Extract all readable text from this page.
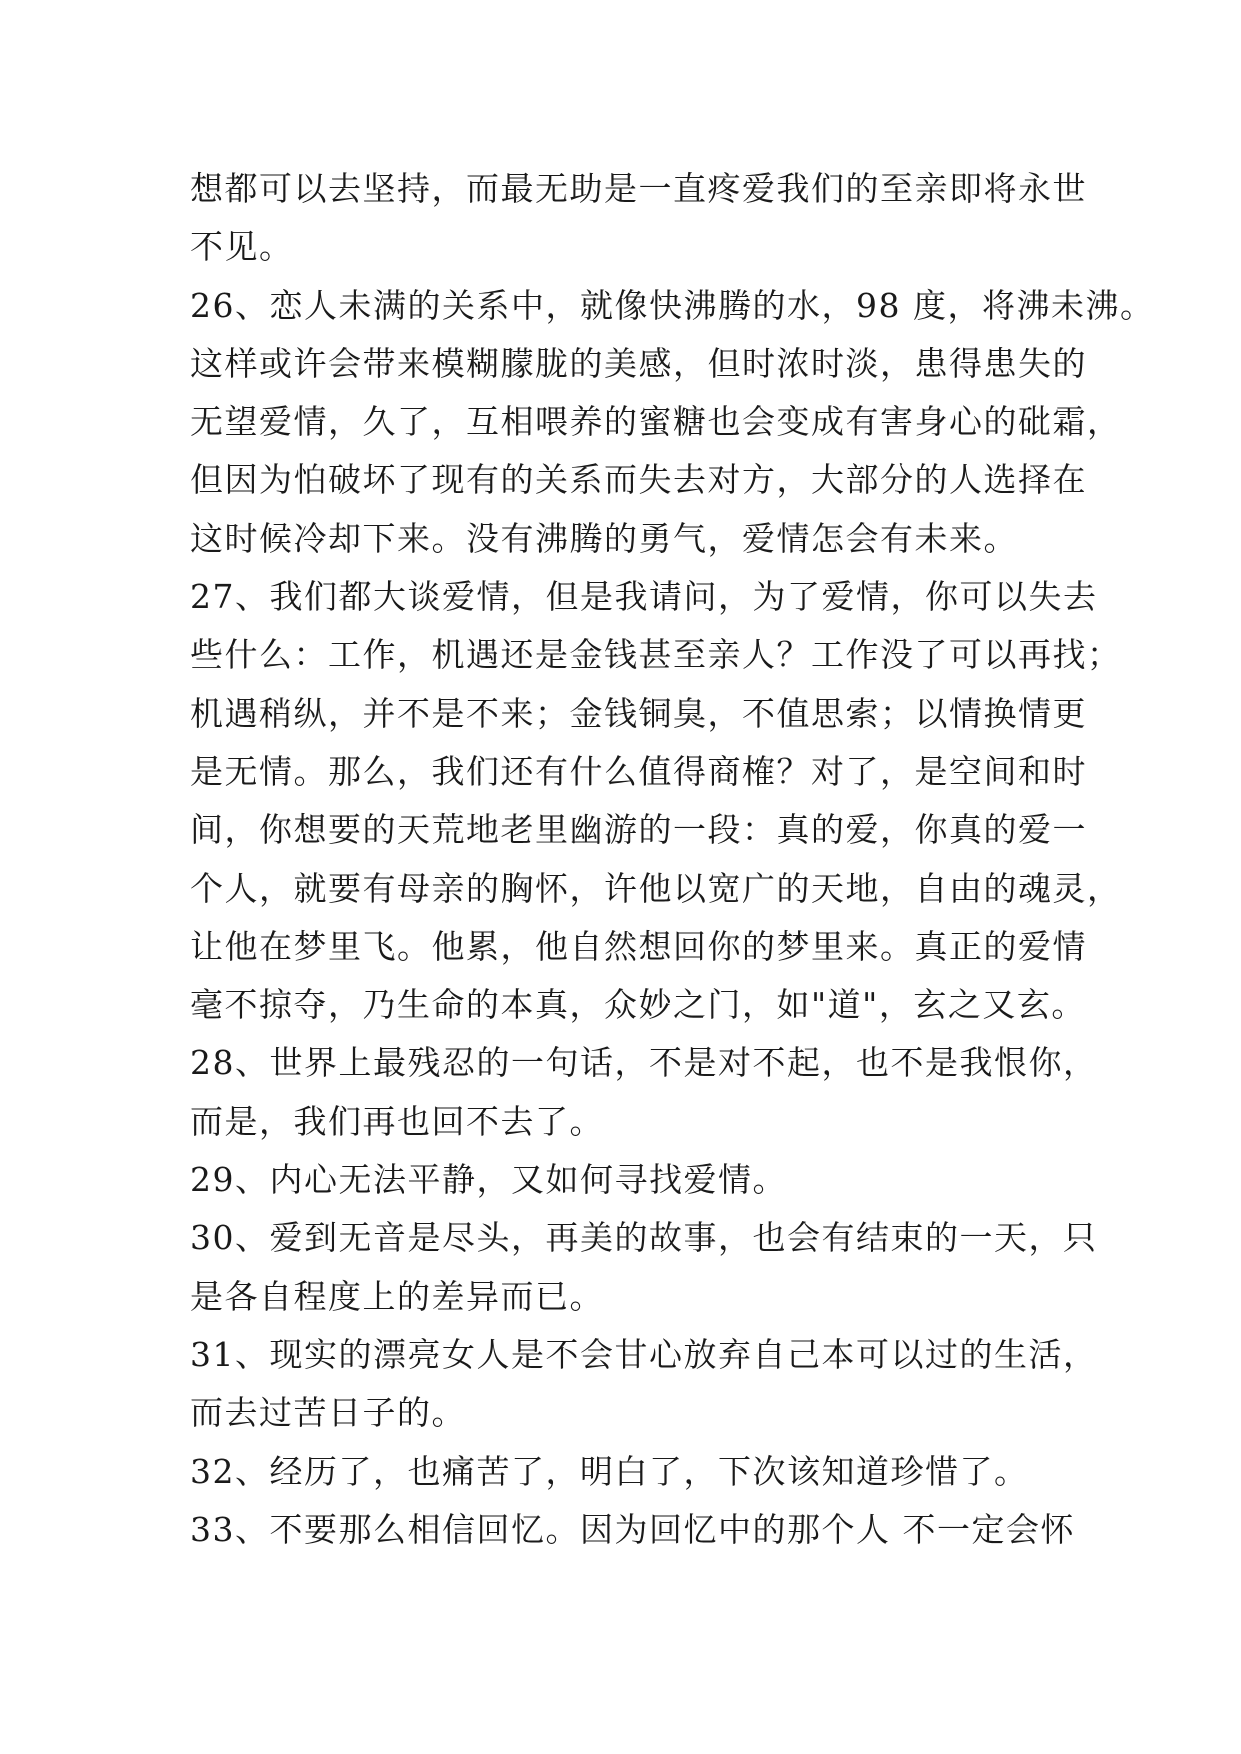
想都可以去坚持，而最无助是一直疼爱我们的至亲即将永世
不见。
26、恋人未满的关系中，就像快沸腾的水，98 度，将沸未沸。
这样或许会带来模糊朦胧的美感，但时浓时淡，患得患失的
无望爱情，久了，互相喂养的蜜糖也会变成有害身心的砒霜，
但因为怕破坏了现有的关系而失去对方，大部分的人选择在
这时候冷却下来。没有沸腾的勇气，爱情怎会有未来。
27、我们都大谈爱情，但是我请问，为了爱情，你可以失去
些什么：工作，机遇还是金钱甚至亲人？工作没了可以再找；
机遇稍纵，并不是不来；金钱铜臭，不值思索；以情换情更
是无情。那么，我们还有什么值得商榷？对了，是空间和时
间，你想要的天荒地老里幽游的一段：真的爱，你真的爱一
个人，就要有母亲的胸怀，许他以宽广的天地，自由的魂灵，
让他在梦里飞。他累，他自然想回你的梦里来。真正的爱情
毫不掠夺，乃生命的本真，众妙之门，如"道"，玄之又玄。
28、世界上最残忍的一句话，不是对不起，也不是我恨你，
而是，我们再也回不去了。
29、内心无法平静，又如何寻找爱情。
30、爱到无音是尽头，再美的故事，也会有结束的一天，只
是各自程度上的差异而已。
31、现实的漂亮女人是不会甘心放弃自己本可以过的生活，
而去过苦日子的。
32、经历了，也痛苦了，明白了，下次该知道珍惜了。
33、不要那么相信回忆。因为回忆中的那个人 不一定会怀
